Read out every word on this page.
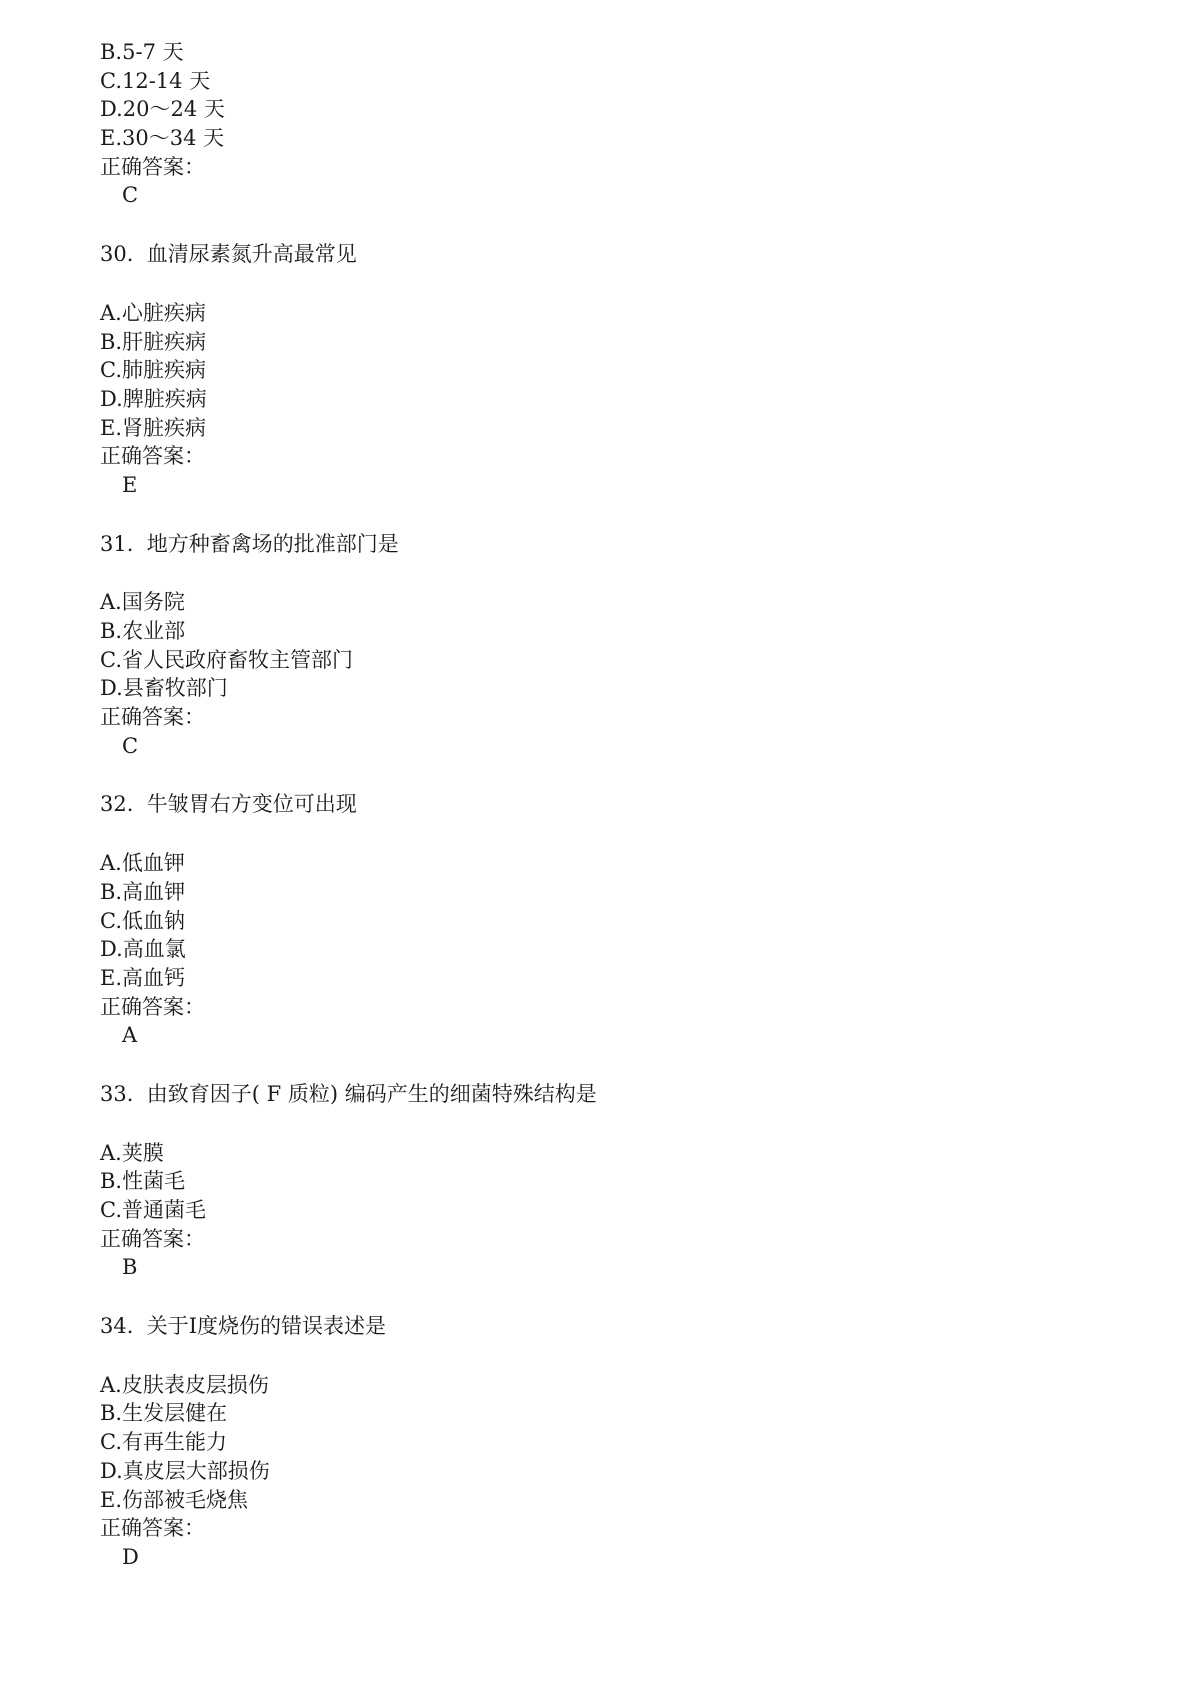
B.5-7 天
C.12-14 天
D.20～24 天
E.30～34 天
正确答案：
C
30.  血清尿素氮升高最常见
A.心脏疾病
B.肝脏疾病
C.肺脏疾病
D.脾脏疾病
E.肾脏疾病
正确答案：
E
31.  地方种畜禽场的批准部门是
A.国务院
B.农业部
C.省人民政府畜牧主管部门
D.县畜牧部门
正确答案：
C
32.  牛皱胃右方变位可出现
A.低血钾
B.高血钾
C.低血钠
D.高血氯
E.高血钙
正确答案：
A
33.  由致育因子( F 质粒) 编码产生的细菌特殊结构是
A.荚膜
B.性菌毛
C.普通菌毛
正确答案：
B
34.  关于Ⅰ度烧伤的错误表述是
A.皮肤表皮层损伤
B.生发层健在
C.有再生能力
D.真皮层大部损伤
E.伤部被毛烧焦
正确答案：
D
